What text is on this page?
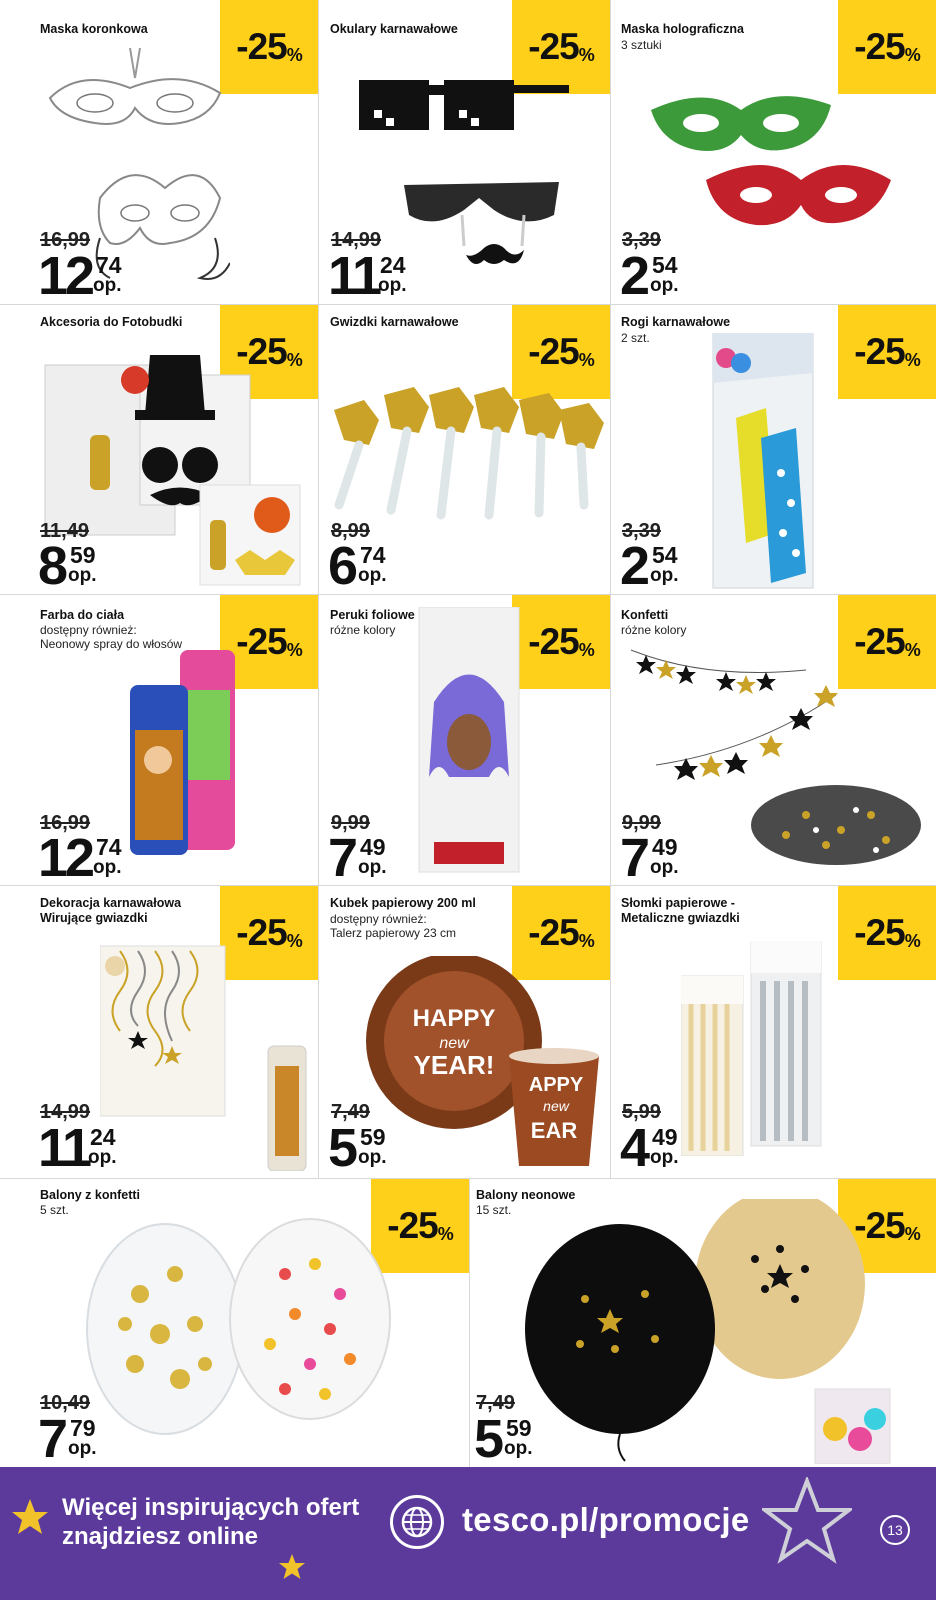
Maska koronkowa -25%
16,99
12 74
op.
Okulary karnawałowe -25%
14,99
11 24
op.
Maska holograficzna
3 sztuki	-25%
3,39
2 54
op.
Akcesoria do Fotobudki
-25%
11,49
8 59
op.
Gwizdki karnawałowe
-25%
8,99
6 74
op.
Rogi karnawałowe
2 szt.	-25%
3,39
2 54
op.
Farba do ciała
dostępny również:
Neonowy spray do włosów -25%
16,99
12 74
op.
Peruki foliowe
różne kolory	-25%
9,99
7 49
op.
Konfetti
różne kolory	-25%
9,99
7 49
op.
Dekoracja karnawałowa
Wirujące gwiazdki	-25%
14,99
11 24
op.
Kubek papierowy 200 ml
dostępny również:
Talerz papierowy 23 cm -25%
HAPPY
new
YEAR!
APPY
new
EAR
7,49
5 59
op.
Słomki papierowe -
Metaliczne gwiazdki	-25%
5,99
4 49
op.
Balony z konfetti
5 szt.	-25%
10,49
7 79
op.
Balony neonowe
15 szt.	-25%
7,49
5 59
op.
Więcej inspirujących ofert
znajdziesz online	tesco.pl/promocje	13
